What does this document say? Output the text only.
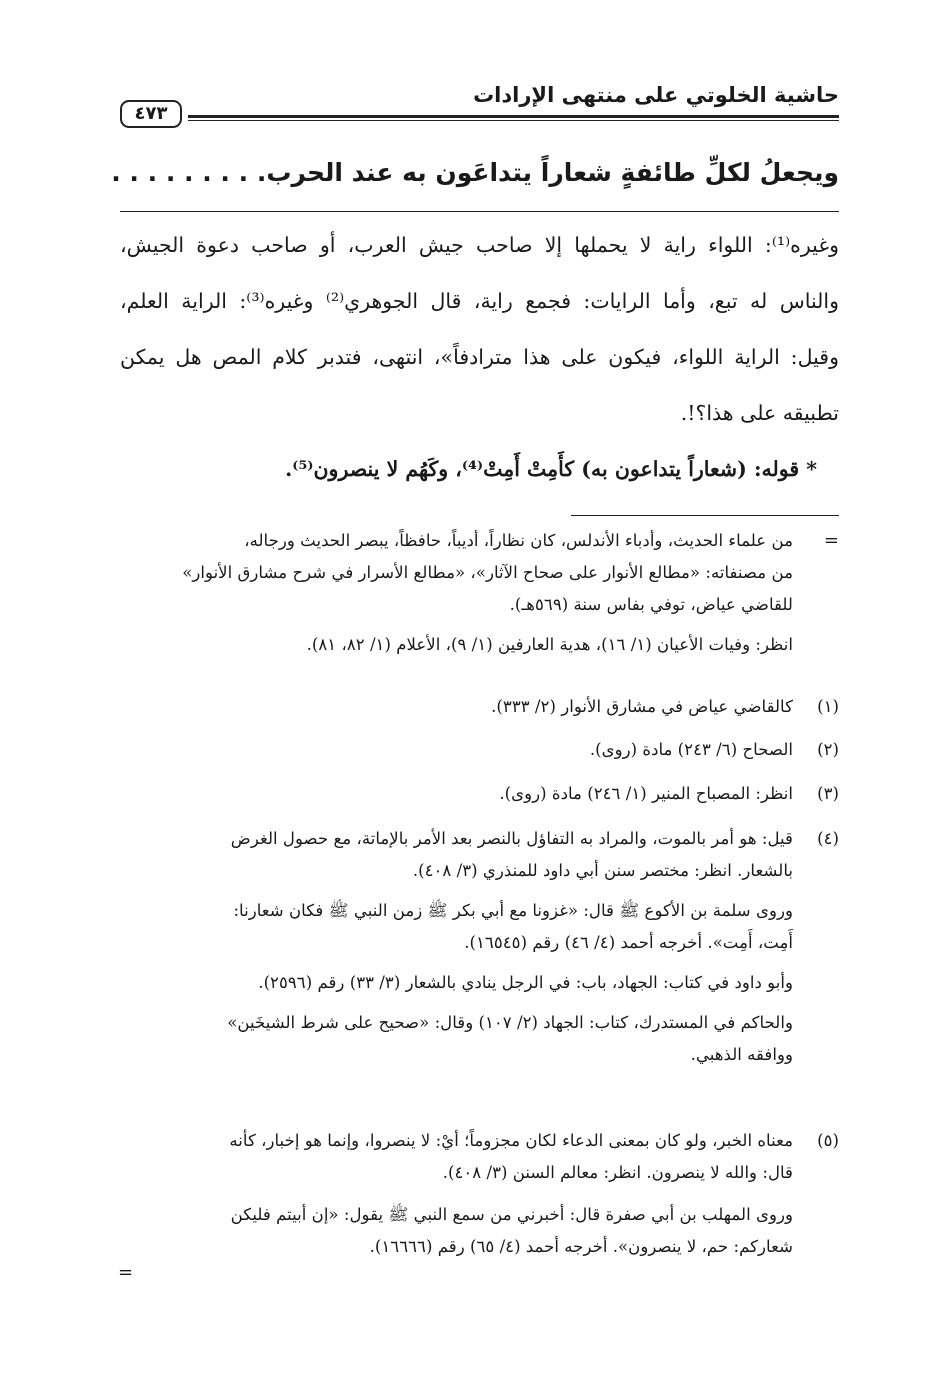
حاشية الخلوتي على منتهى الإرادات
٤٧٣
ويجعلُ لكلِّ طائفةٍ شعاراً يتداعَون به عند الحرب. . . . . . . . .
وغيره⁽¹⁾: اللواء راية لا يحملها إلا صاحب جيش العرب، أو صاحب دعوة الجيش،
والناس له تبع، وأما الرايات: فجمع راية، قال الجوهري⁽²⁾ وغيره⁽³⁾: الراية العلم،
وقيل: الراية اللواء، فيكون على هذا مترادفاً»، انتهى، فتدبر كلام المص هل يمكن
تطبيقه على هذا؟!.
* قوله: (شعاراً يتداعون به) كأَمِتْ أَمِتْ⁽⁴⁾، وكَهُم لا ينصرون⁽⁵⁾.
=من علماء الحديث، وأدباء الأندلس، كان نظاراً، أديباً، حافظاً، يبصر الحديث ورجاله،
من مصنفاته: «مطالع الأنوار على صحاح الآثار»، «مطالع الأسرار في شرح مشارق الأنوار»
للقاضي عياض، توفي بفاس سنة (٥٦٩هـ).
انظر: وفيات الأعيان (١/ ١٦)، هدية العارفين (١/ ٩)، الأعلام (١/ ٨٢، ٨١).
(١)كالقاضي عياض في مشارق الأنوار (٢/ ٣٣٣).
(٢)الصحاح (٦/ ٢٤٣) مادة (روى).
(٣)انظر: المصباح المنير (١/ ٢٤٦) مادة (روى).
(٤)قيل: هو أمر بالموت، والمراد به التفاؤل بالنصر بعد الأمر بالإماتة، مع حصول الغرض
بالشعار. انظر: مختصر سنن أبي داود للمنذري (٣/ ٤٠٨).
وروى سلمة بن الأكوع ﷺ قال: «غزونا مع أبي بكر ﷺ زمن النبي ﷺ فكان شعارنا:
أَمِت، أَمِت». أخرجه أحمد (٤/ ٤٦) رقم (١٦٥٤٥).
وأبو داود في كتاب: الجهاد، باب: في الرجل ينادي بالشعار (٣/ ٣٣) رقم (٢٥٩٦).
والحاكم في المستدرك، كتاب: الجهاد (٢/ ١٠٧) وقال: «صحيح على شرط الشيخَين»
ووافقه الذهبي.
(٥)معناه الخبر، ولو كان بمعنى الدعاء لكان مجزوماً؛ أيْ: لا ينصروا، وإنما هو إخبار، كأنه
قال: والله لا ينصرون. انظر: معالم السنن (٣/ ٤٠٨).
وروى المهلب بن أبي صفرة قال: أخبرني من سمع النبي ﷺ يقول: «إن أبيتم فليكن
شعاركم: حم، لا ينصرون». أخرجه أحمد (٤/ ٦٥) رقم (١٦٦٦٦).
=
